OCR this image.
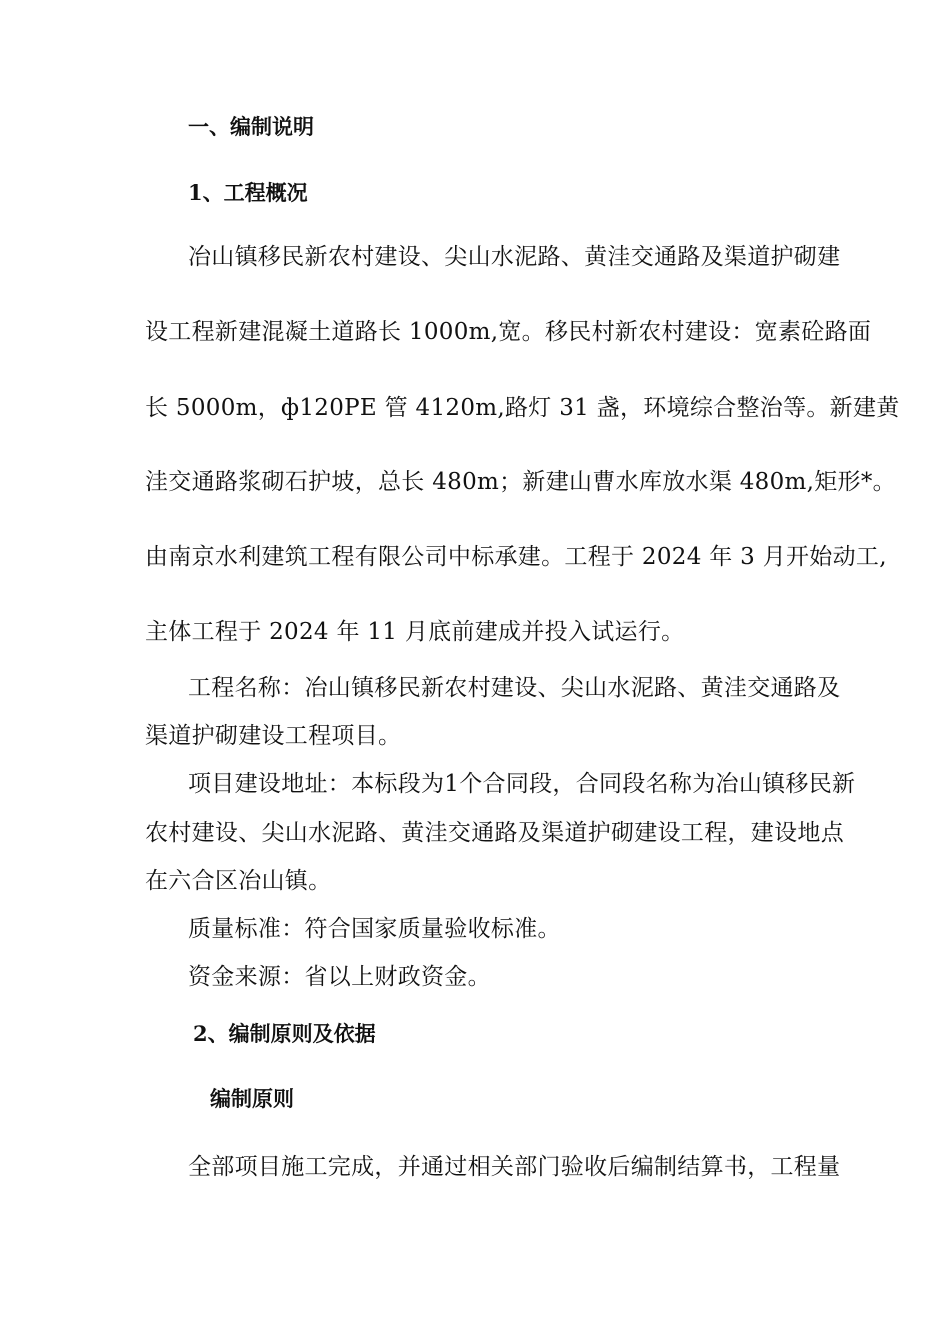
一、编制说明
1、工程概况

冶山镇移民新农村建设、尖山水泥路、黄洼交通路及渠道护砌建

设工程新建混凝土道路长 1000m,宽。移民村新农村建设：宽素砼路面

长 5000m，ф120PE 管 4120m,路灯 31 盏，环境综合整治等。新建黄

洼交通路浆砌石护坡，总长 480m；新建山曹水库放水渠 480m,矩形*。

由南京水利建筑工程有限公司中标承建。工程于 2024 年 3 月开始动工,

主体工程于 2024 年 11 月底前建成并投入试运行。

工程名称：冶山镇移民新农村建设、尖山水泥路、黄洼交通路及

渠道护砌建设工程项目。

项目建设地址：本标段为1个合同段，合同段名称为冶山镇移民新

农村建设、尖山水泥路、黄洼交通路及渠道护砌建设工程，建设地点

在六合区冶山镇。

质量标准：符合国家质量验收标准。

资金来源：省以上财政资金。

2、编制原则及依据
编制原则

全部项目施工完成，并通过相关部门验收后编制结算书，工程量
